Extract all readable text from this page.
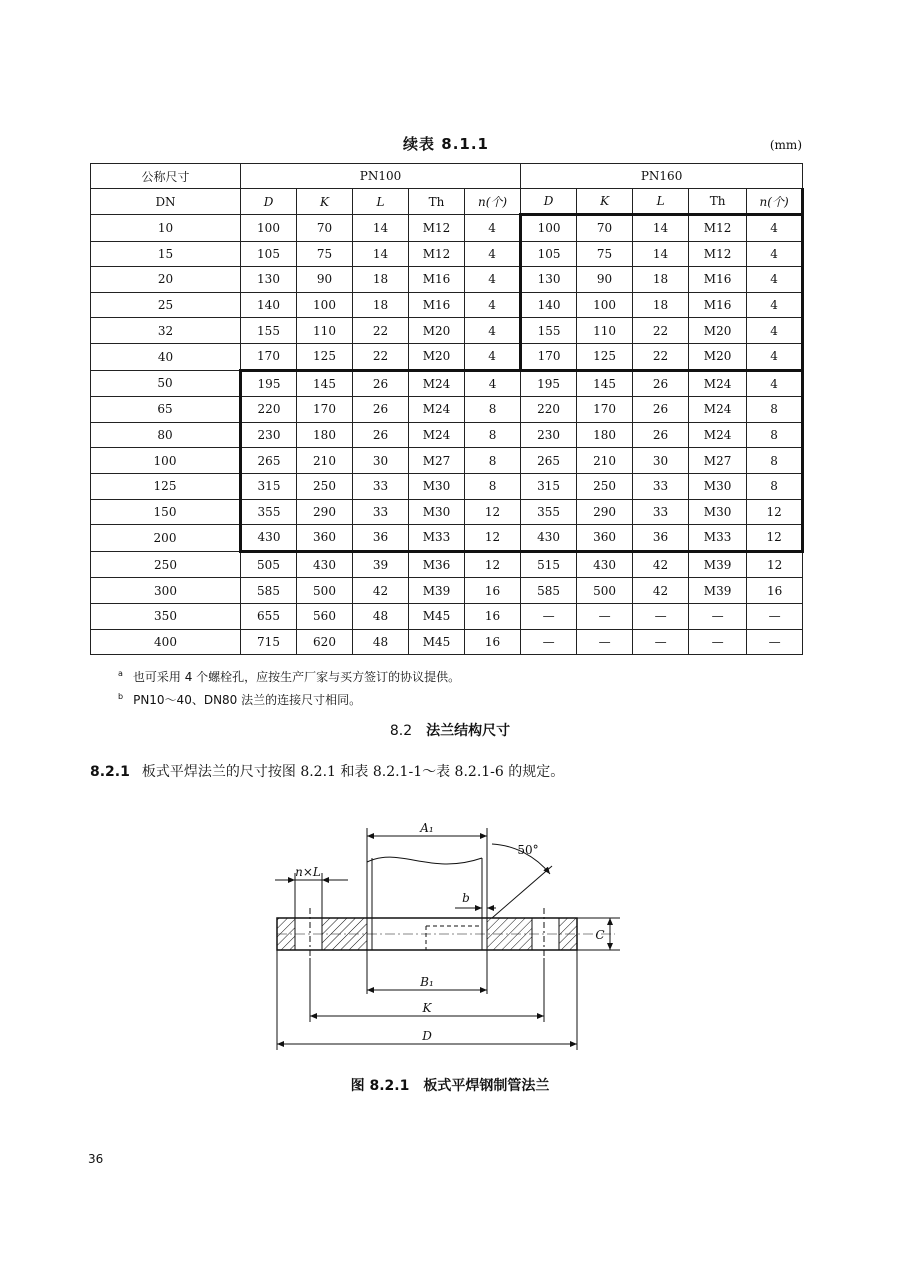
续表 8.1.1	(mm)
公称尺寸	PN100					PN160				
DN	D	K	L	Th	n(个)	D	K	L	Th	n(个)
10	100	70	14	M12	4	100	70	14	M12	4
15	105	75	14	M12	4	105	75	14	M12	4
20	130	90	18	M16	4	130	90	18	M16	4
25	140	100	18	M16	4	140	100	18	M16	4
32	155	110	22	M20	4	155	110	22	M20	4
40	170	125	22	M20	4	170	125	22	M20	4
50	195	145	26	M24	4	195	145	26	M24	4
65	220	170	26	M24	8	220	170	26	M24	8
80	230	180	26	M24	8	230	180	26	M24	8
100	265	210	30	M27	8	265	210	30	M27	8
125	315	250	33	M30	8	315	250	33	M30	8
150	355	290	33	M30	12	355	290	33	M30	12
200	430	360	36	M33	12	430	360	36	M33	12
250	505	430	39	M36	12	515	430	42	M39	12
300	585	500	42	M39	16	585	500	42	M39	16
350	655	560	48	M45	16	—	—	—	—	—
400	715	620	48	M45	16	—	—	—	—	—
$^a$ 也可采用 4 个螺栓孔，应按生产厂家与买方签订的协议提供。
$^b$ PN10～40、DN80 法兰的连接尺寸相同。
8.2 法兰结构尺寸
8.2.1 板式平焊法兰的尺寸按图 8.2.1 和表 8.2.1-1～表 8.2.1-6 的规定。
A₁
50°
n×L
b
C
B₁
K
D
图 8.2.1 板式平焊钢制管法兰
36
